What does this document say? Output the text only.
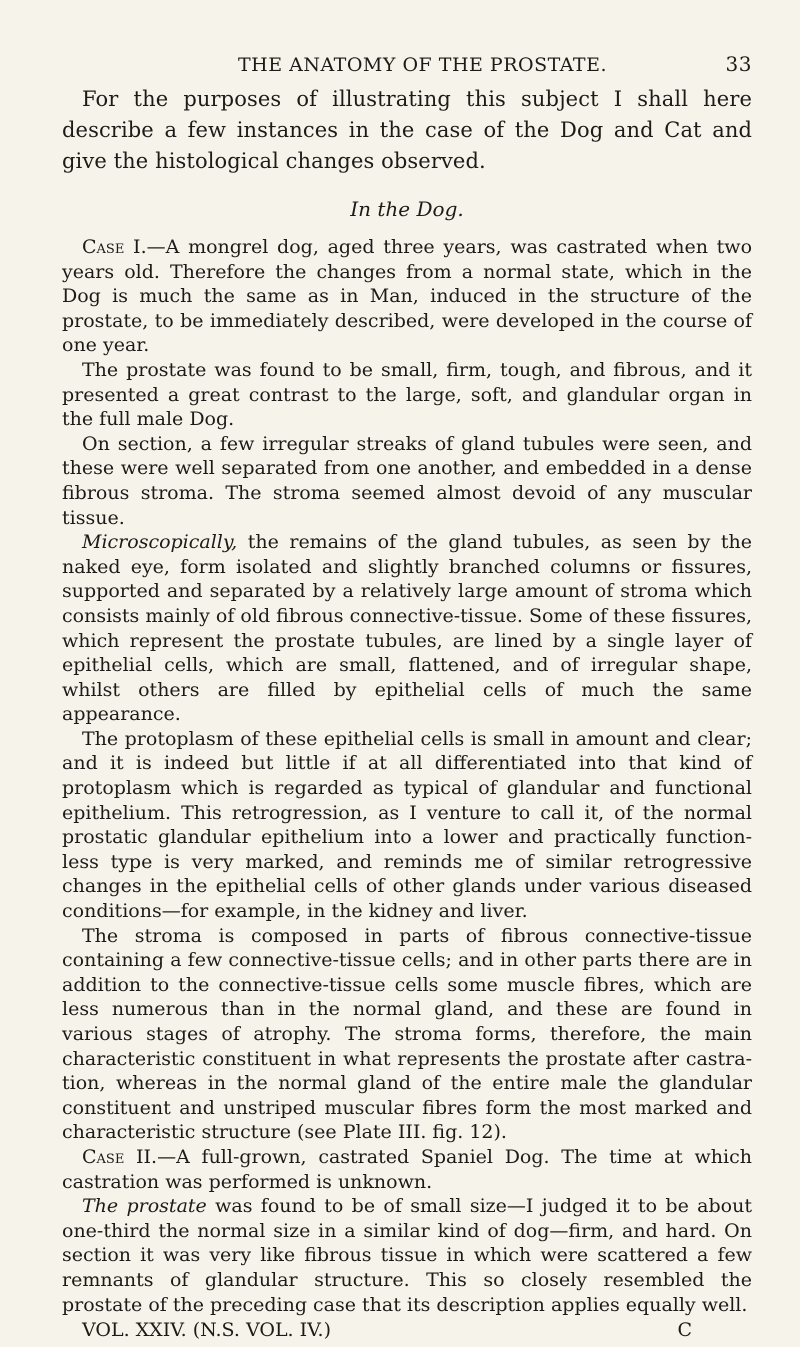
THE ANATOMY OF THE PROSTATE.	33

For the purposes of illustrating this subject I shall here describe a few instances in the case of the Dog and Cat and give the histological changes observed.

In the Dog.

Case I.—A mongrel dog, aged three years, was castrated when two years old. Therefore the changes from a normal state, which in the Dog is much the same as in Man, induced in the structure of the prostate, to be immediately described, were developed in the course of one year.

The prostate was found to be small, firm, tough, and fibrous, and it presented a great contrast to the large, soft, and glandular organ in the full male Dog.

On section, a few irregular streaks of gland tubules were seen, and these were well separated from one another, and embedded in a dense fibrous stroma. The stroma seemed almost devoid of any muscular tissue.

Microscopically, the remains of the gland tubules, as seen by the naked eye, form isolated and slightly branched columns or fissures, supported and separated by a relatively large amount of stroma which consists mainly of old fibrous connective-tissue. Some of these fissures, which represent the prostate tubules, are lined by a single layer of epithelial cells, which are small, flattened, and of irregular shape, whilst others are filled by epithelial cells of much the same appearance.

The protoplasm of these epithelial cells is small in amount and clear; and it is indeed but little if at all differentiated into that kind of protoplasm which is regarded as typical of glandular and functional epithelium. This retrogression, as I venture to call it, of the normal prostatic glandular epithelium into a lower and practically function-less type is very marked, and reminds me of similar retrogressive changes in the epithelial cells of other glands under various diseased conditions—for example, in the kidney and liver.

The stroma is composed in parts of fibrous connective-tissue containing a few connective-tissue cells; and in other parts there are in addition to the connective-tissue cells some muscle fibres, which are less numerous than in the normal gland, and these are found in various stages of atrophy. The stroma forms, therefore, the main characteristic constituent in what represents the prostate after castra-tion, whereas in the normal gland of the entire male the glandular constituent and unstriped muscular fibres form the most marked and characteristic structure (see Plate III. fig. 12).

Case II.—A full-grown, castrated Spaniel Dog. The time at which castration was performed is unknown.

The prostate was found to be of small size—I judged it to be about one-third the normal size in a similar kind of dog—firm, and hard. On section it was very like fibrous tissue in which were scattered a few remnants of glandular structure. This so closely resembled the prostate of the preceding case that its description applies equally well.

VOL. XXIV. (N.S. VOL. IV.)	C
